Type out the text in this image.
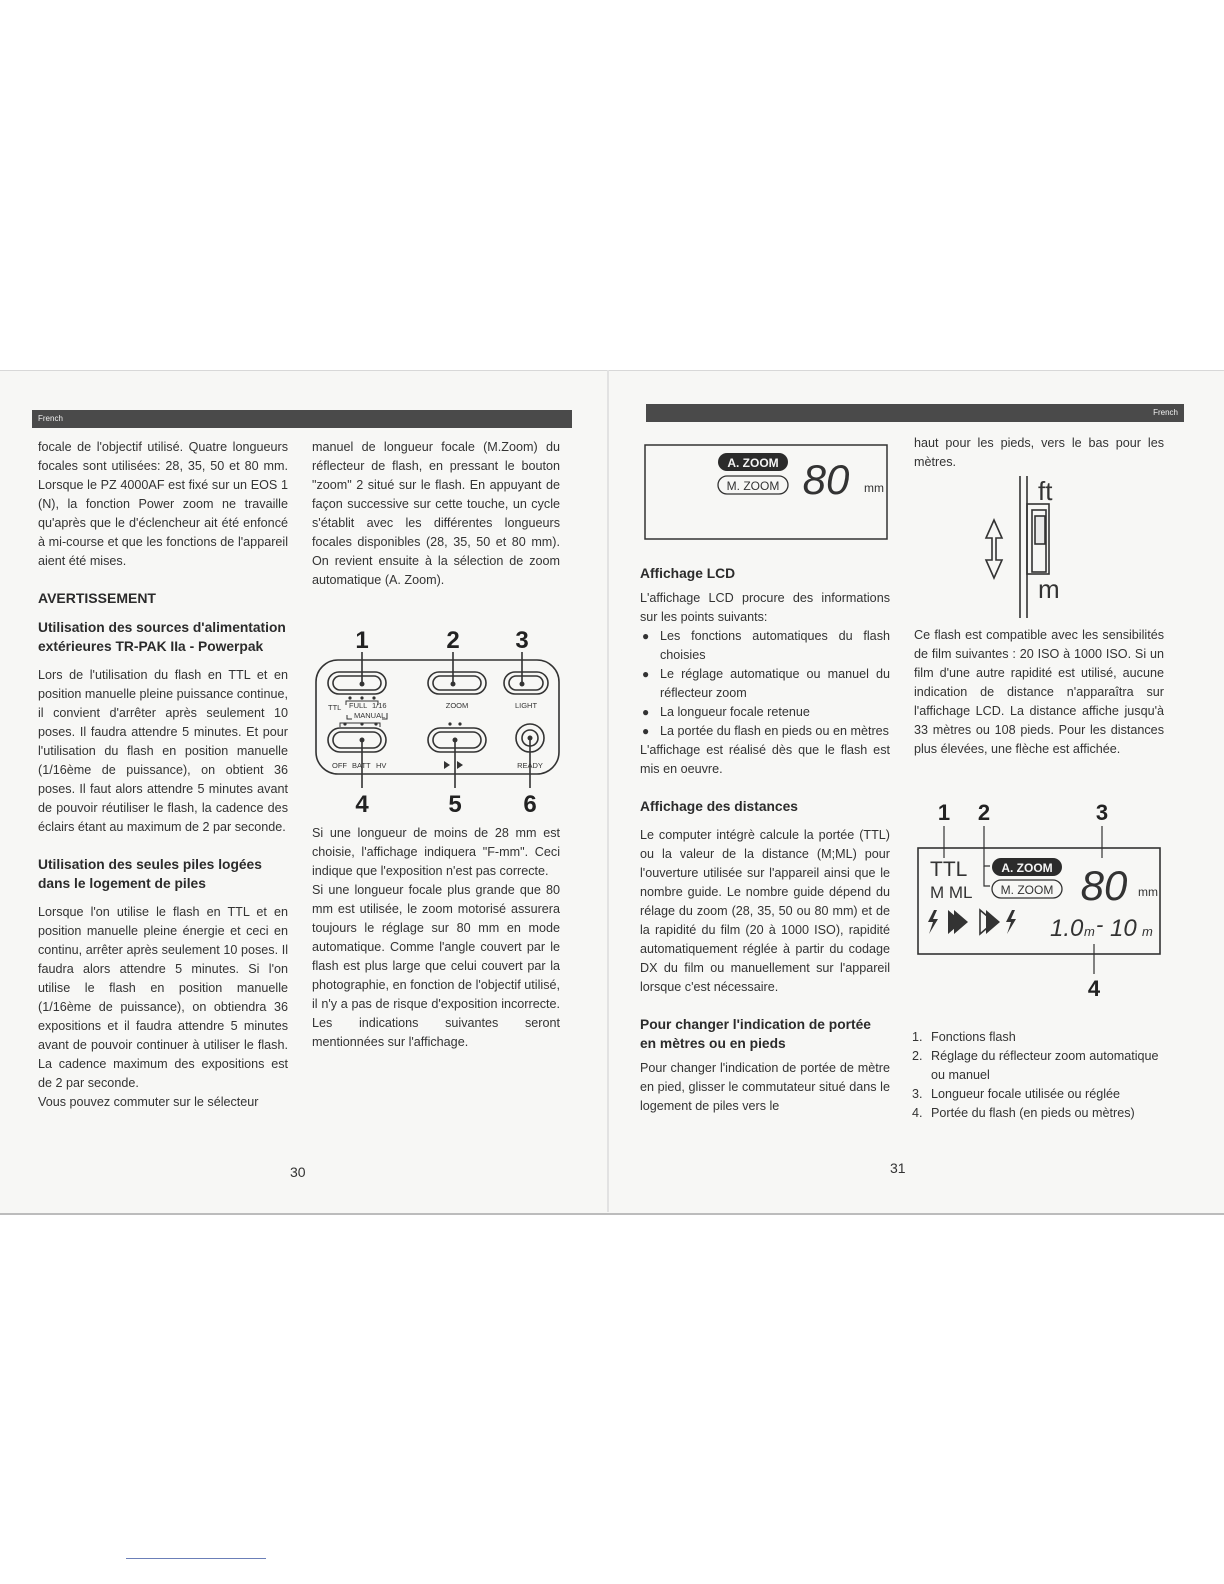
French

focale de l'objectif utilisé. Quatre longueurs focales sont utilisées: 28, 35, 50 et 80 mm. Lorsque le PZ 4000AF est fixé sur un EOS 1 (N), la fonction Power zoom ne travaille qu'après que le d'éclencheur ait été enfoncé à mi-course et que les fonctions de l'appareil aient été mises.

AVERTISSEMENT
Utilisation des sources d'alimentation extérieures TR-PAK IIa - Powerpak

Lors de l'utilisation du flash en TTL et en position manuelle pleine puissance continue, il convient d'arrêter après seulement 10 poses. Il faudra attendre 5 minutes. Et pour l'utilisation du flash en position manuelle (1/16ème de puissance), on obtient 36 poses. Il faut alors attendre 5 minutes avant de pouvoir réutiliser le flash, la cadence des éclairs étant au maximum de 2 par seconde.

Utilisation des seules piles logées dans le logement de piles

Lorsque l'on utilise le flash en TTL et en position manuelle pleine énergie et ceci en continu, arrêter après seulement 10 poses. Il faudra alors attendre 5 minutes. Si l'on utilise le flash en position manuelle (1/16ème de puissance), on obtiendra 36 expositions et il faudra attendre 5 minutes avant de pouvoir continuer à utiliser le flash. La cadence maximum des expositions est de 2 par seconde.

Vous pouvez commuter sur le sélecteur

manuel de longueur focale (M.Zoom) du réflecteur de flash, en pressant le bouton "zoom" 2 situé sur le flash. En appuyant de façon successive sur cette touche, un cycle s'établit avec les différentes longueurs focales disponibles (28, 35, 50 et 80 mm). On revient ensuite à la sélection de zoom automatique (A. Zoom).

1	2 3
4	5	6
TTL FULL 1/16
MANUAL
ZOOM	LIGHT
OFF BATT HV	READY

Si une longueur de moins de 28 mm est choisie, l'affichage indiquera "F-mm". Ceci indique que l'exposition n'est pas correcte.

Si une longueur focale plus grande que 80 mm est utilisée, le zoom motorisé assurera toujours le réglage sur 80 mm en mode automatique. Comme l'angle couvert par le flash est plus large que celui couvert par la photographie, en fonction de l'objectif utilisé, il n'y a pas de risque d'exposition incorrecte. Les indications suivantes seront mentionnées sur l'affichage.

30
French
A. ZOOM
M. ZOOM 80 mm
Affichage LCD

L'affichage LCD procure des informations sur les points suivants:

● Les fonctions automatiques du flash choisies
● Le réglage automatique ou manuel du réflecteur zoom
● La longueur focale retenue
● La portée du flash en pieds ou en mètres

L'affichage est réalisé dès que le flash est mis en oeuvre.

Affichage des distances

Le computer intégrè calcule la portée (TTL) ou la valeur de la distance (M;ML) pour l'ouverture utilisée sur l'appareil ainsi que le nombre guide. Le nombre guide dépend du rélage du zoom (28, 35, 50 ou 80 mm) et de la rapidité du film (20 à 1000 ISO), rapidité automatiquement réglée à partir du codage DX du film ou manuellement sur l'appareil lorsque c'est nécessaire.

Pour changer l'indication de portée en mètres ou en pieds

Pour changer l'indication de portée de mètre en pied, glisser le commutateur situé dans le logement de piles vers le

haut pour les pieds, vers le bas pour les mètres.

ft
m

Ce flash est compatible avec les sensibilités de film suivantes : 20 ISO à 1000 ISO. Si un film d'une autre rapidité est utilisé, aucune indication de distance n'apparaîtra sur l'affichage LCD. La distance affiche jusqu'à 33 mètres ou 108 pieds. Pour les distances plus élevées, une flèche est affichée.

1 2	3
4
TTL
M ML
A. ZOOM
M. ZOOM 80 mm
1.0 m - 10 m
1. Fonctions flash
2. Réglage du réflecteur zoom automatique ou manuel
3. Longueur focale utilisée ou réglée
4. Portée du flash (en pieds ou mètres)
31
